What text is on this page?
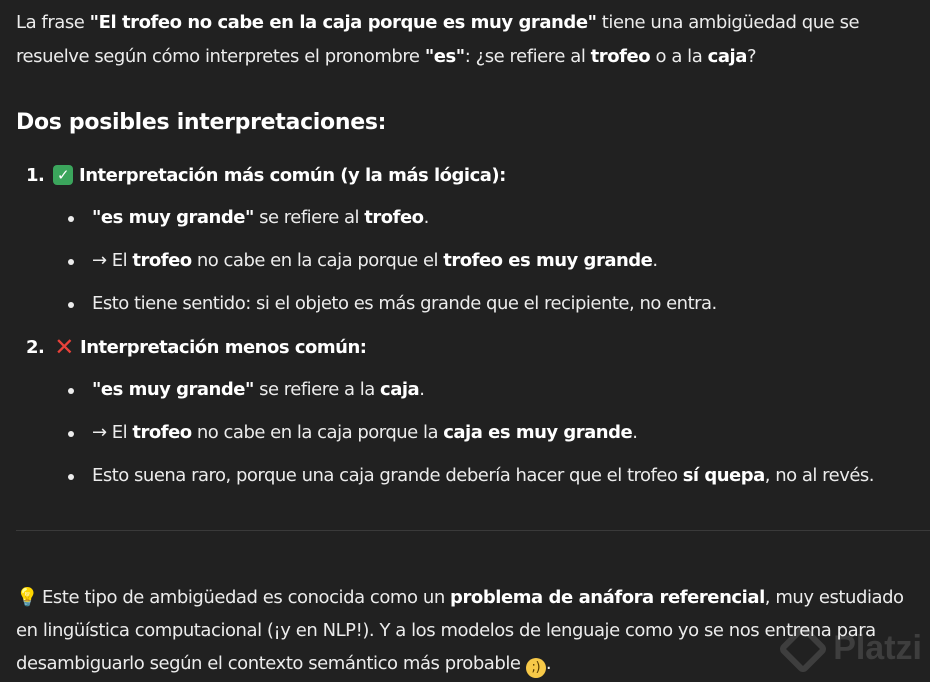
La frase "El trofeo no cabe en la caja porque es muy grande" tiene una ambigüedad que se resuelve según cómo interpretes el pronombre "es": ¿se refiere al trofeo o a la caja?

Dos posibles interpretaciones:
1. ✓ Interpretación más común (y la más lógica):
"es muy grande" se refiere al trofeo.
→ El trofeo no cabe en la caja porque el trofeo es muy grande.
Esto tiene sentido: si el objeto es más grande que el recipiente, no entra.
2. ✕ Interpretación menos común:
"es muy grande" se refiere a la caja.
→ El trofeo no cabe en la caja porque la caja es muy grande.
Esto suena raro, porque una caja grande debería hacer que el trofeo sí quepa, no al revés.

💡 Este tipo de ambigüedad es conocida como un problema de anáfora referencial, muy estudiado en lingüística computacional (¡y en NLP!). Y a los modelos de lenguaje como yo se nos entrena para desambiguarlo según el contexto semántico más probable ;) .	Platzi
